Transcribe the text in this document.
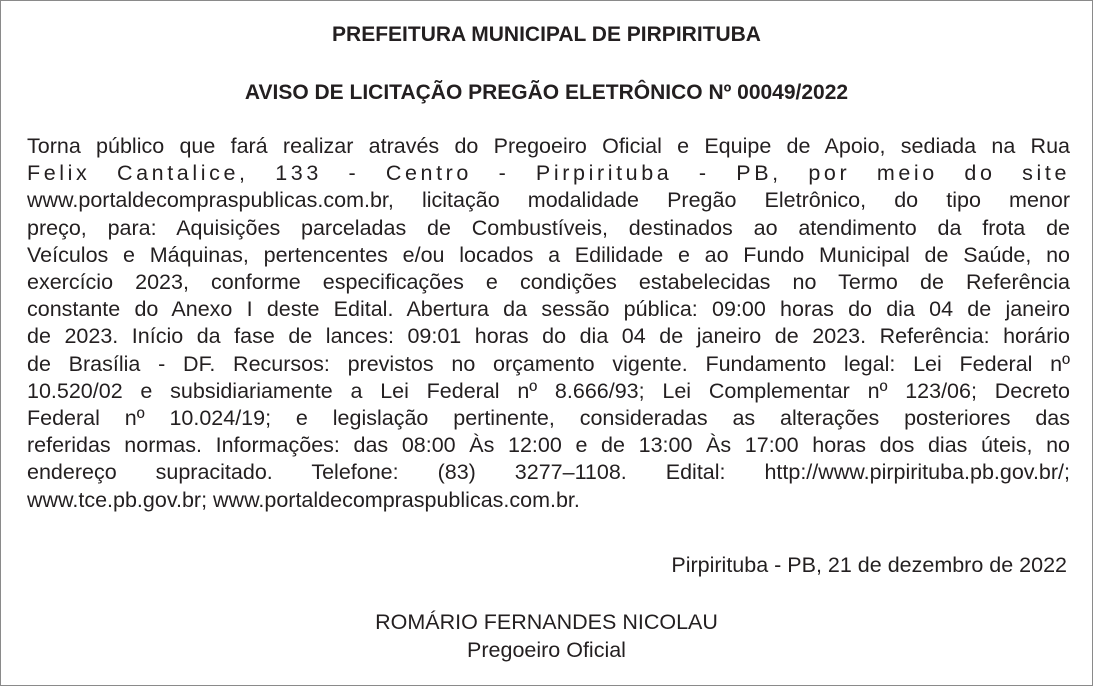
PREFEITURA MUNICIPAL DE PIRPIRITUBA
AVISO DE LICITAÇÃO PREGÃO ELETRÔNICO Nº 00049/2022
Torna público que fará realizar através do Pregoeiro Oficial e Equipe de Apoio, sediada na Rua
Felix Cantalice, 133 - Centro - Pirpirituba - PB, por meio do site
www.portaldecompraspublicas.com.br, licitação modalidade Pregão Eletrônico, do tipo menor
preço, para: Aquisições parceladas de Combustíveis, destinados ao atendimento da frota de
Veículos e Máquinas, pertencentes e/ou locados a Edilidade e ao Fundo Municipal de Saúde, no
exercício 2023, conforme especificações e condições estabelecidas no Termo de Referência
constante do Anexo I deste Edital. Abertura da sessão pública: 09:00 horas do dia 04 de janeiro
de 2023. Início da fase de lances: 09:01 horas do dia 04 de janeiro de 2023. Referência: horário
de Brasília - DF. Recursos: previstos no orçamento vigente. Fundamento legal: Lei Federal nº
10.520/02 e subsidiariamente a Lei Federal nº 8.666/93; Lei Complementar nº 123/06; Decreto
Federal nº 10.024/19; e legislação pertinente, consideradas as alterações posteriores das
referidas normas. Informações: das 08:00 Às 12:00 e de 13:00 Às 17:00 horas dos dias úteis, no
endereço supracitado. Telefone: (83) 3277–1108. Edital: http://www.pirpirituba.pb.gov.br/;
www.tce.pb.gov.br; www.portaldecompraspublicas.com.br.
Pirpirituba - PB, 21 de dezembro de 2022
ROMÁRIO FERNANDES NICOLAU
Pregoeiro Oficial
